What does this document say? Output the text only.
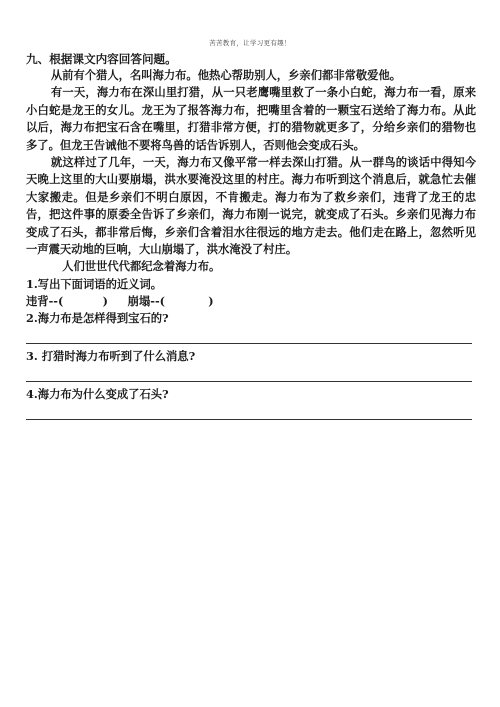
苦苦教育，让学习更有趣！

九、根据课文内容回答问题。

从前有个猎人，名叫海力布。他热心帮助别人，乡亲们都非常敬爱他。

有一天，海力布在深山里打猎，从一只老鹰嘴里救了一条小白蛇，海力布一看，原来小白蛇是龙王的女儿。龙王为了报答海力布，把嘴里含着的一颗宝石送给了海力布。从此以后，海力布把宝石含在嘴里，打猎非常方便，打的猎物就更多了，分给乡亲们的猎物也多了。但龙王告诫他不要将鸟兽的话告诉别人，否则他会变成石头。

就这样过了几年，一天，海力布又像平常一样去深山打猎。从一群鸟的谈话中得知今天晚上这里的大山要崩塌，洪水要淹没这里的村庄。海力布听到这个消息后，就急忙去催大家搬走。但是乡亲们不明白原因，不肯搬走。海力布为了救乡亲们，违背了龙王的忠告，把这件事的原委全告诉了乡亲们，海力布刚一说完，就变成了石头。乡亲们见海力布变成了石头，都非常后悔，乡亲们含着泪水往很远的地方走去。他们走在路上，忽然听见一声震天动地的巨响，大山崩塌了，洪水淹没了村庄。

人们世世代代都纪念着海力布。

1.写出下面词语的近义词。

违背--(          )     崩塌--(           )

2.海力布是怎样得到宝石的?

3. 打猎时海力布听到了什么消息?

4.海力布为什么变成了石头?
